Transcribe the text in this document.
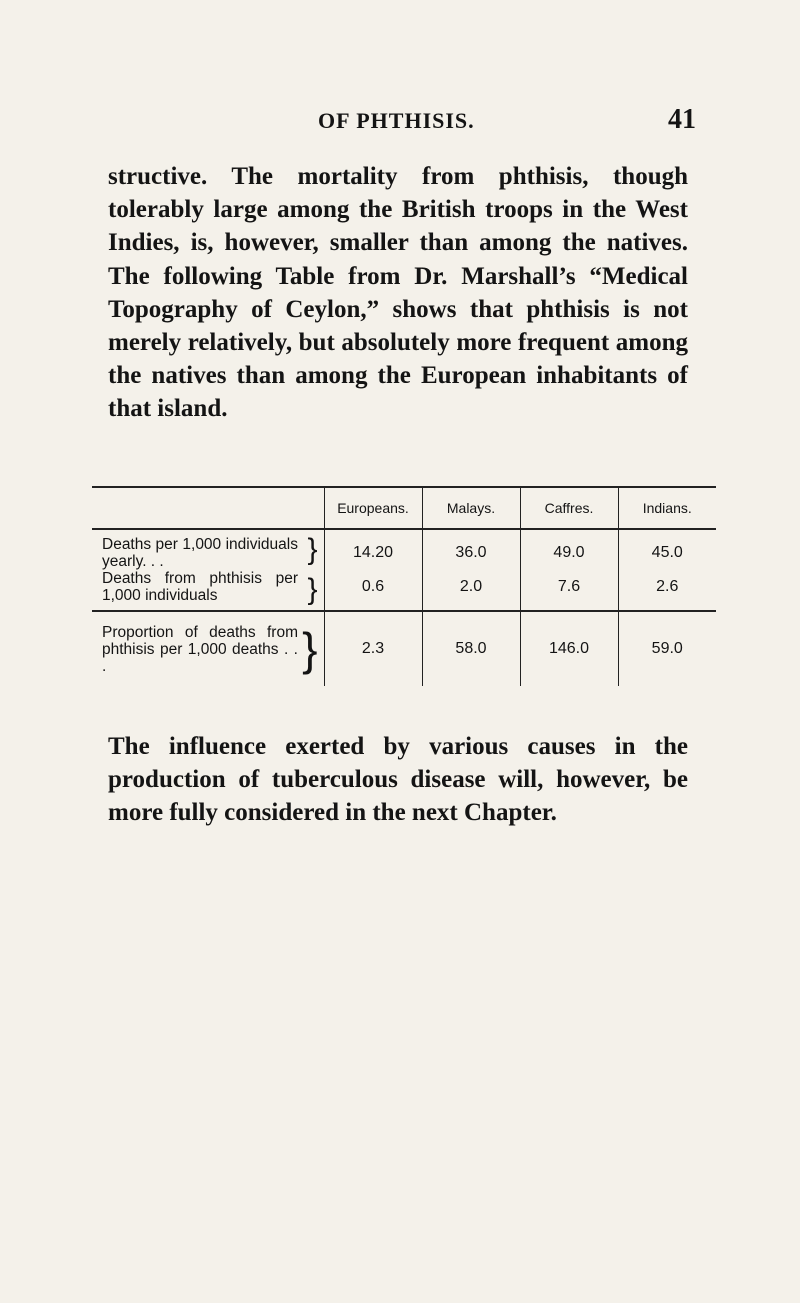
OF PHTHISIS.	41

structive. The mortality from phthisis, though tolerably large among the British troops in the West Indies, is, however, smaller than among the natives. The following Table from Dr. Marshall’s “Medical Topography of Ceylon,” shows that phthisis is not merely relatively, but absolutely more frequent among the natives than among the European inhabitants of that island.

	Europeans.	Malays.	Caffres.	Indians.
Deaths per 1,000 individuals yearly. . . }	14.20	36.0	49.0	45.0
Deaths from phthisis per 1,000 individuals }	0.6	2.0	7.6	2.6
Proportion of deaths from phthisis per 1,000 deaths . . . }	2.3	58.0	146.0	59.0

The influence exerted by various causes in the production of tuberculous disease will, however, be more fully considered in the next Chapter.
